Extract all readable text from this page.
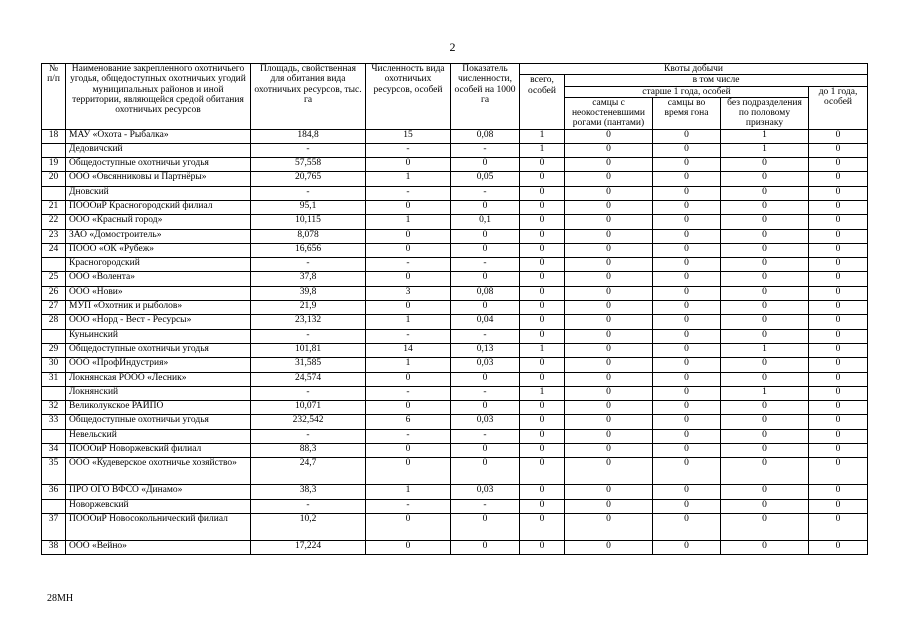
2
№ п/п	Наименование закрепленного охотничьего угодья, общедоступных охотничьих угодий муниципальных районов и иной территории, являющейся средой обитания охотничьих ресурсов	Площадь, свойственная для обитания вида охотничьих ресурсов, тыс. га	Численность вида охотничьих ресурсов, особей	Показатель численности, особей на 1000 га	Квоты добычи				
					всего, особей	в том числе			
						старше 1 года, особей			до 1 года, особей
						самцы с неокостеневшими рогами (пантами)	самцы во время гона	без подразделения по половому признаку	
18	МАУ «Охота - Рыбалка»	184,8	15	0,08	1	0	0	1	0
	Дедовичский	-	-	-	1	0	0	1	0
19	Общедоступные охотничьи угодья	57,558	0	0	0	0	0	0	0
20	ООО «Овсянниковы и Партнёры»	20,765	1	0,05	0	0	0	0	0
	Дновский	-	-	-	0	0	0	0	0
21	ПОООиР Красногородский филиал	95,1	0	0	0	0	0	0	0
22	ООО «Красный город»	10,115	1	0,1	0	0	0	0	0
23	ЗАО «Домостроитель»	8,078	0	0	0	0	0	0	0
24	ПООО «ОК «Рубеж»	16,656	0	0	0	0	0	0	0
	Красногородский	-	-	-	0	0	0	0	0
25	ООО «Волента»	37,8	0	0	0	0	0	0	0
26	ООО «Нови»	39,8	3	0,08	0	0	0	0	0
27	МУП «Охотник и рыболов»	21,9	0	0	0	0	0	0	0
28	ООО «Норд - Вест - Ресурсы»	23,132	1	0,04	0	0	0	0	0
	Куньинский	-	-	-	0	0	0	0	0
29	Общедоступные охотничьи угодья	101,81	14	0,13	1	0	0	1	0
30	ООО «ПрофИндустрия»	31,585	1	0,03	0	0	0	0	0
31	Локнянская РООО «Лесник»	24,574	0	0	0	0	0	0	0
	Локнянский	-	-	-	1	0	0	1	0
32	Великолукское РАЙПО	10,071	0	0	0	0	0	0	0
33	Общедоступные охотничьи угодья	232,542	6	0,03	0	0	0	0	0
	Невельский	-	-	-	0	0	0	0	0
34	ПОООиР Новоржевский филиал	88,3	0	0	0	0	0	0	0
35	ООО «Кудеверское охотничье хозяйство»	24,7	0	0	0	0	0	0	0
36	ПРО ОГО ВФСО «Динамо»	38,3	1	0,03	0	0	0	0	0
	Новоржевский	-	-	-	0	0	0	0	0
37	ПОООиР Новосокольнический филиал	10,2	0	0	0	0	0	0	0
38	ООО «Вейно»	17,224	0	0	0	0	0	0	0
28МН
